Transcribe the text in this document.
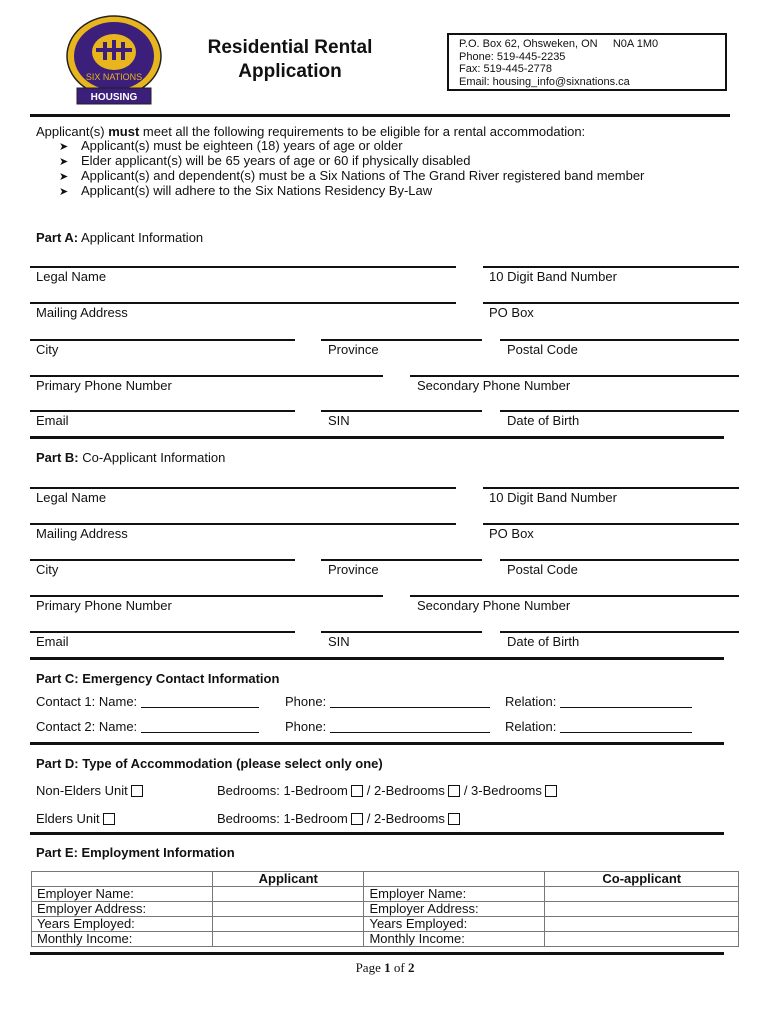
SIX NATIONS
HOUSING
Residential Rental
Application
P.O. Box 62, Ohsweken, ON     N0A 1M0
Phone: 519-445-2235
Fax: 519-445-2778
Email: housing_info@sixnations.ca
Applicant(s) must meet all the following requirements to be eligible for a rental accommodation:
➤ Applicant(s) must be eighteen (18) years of age or older
➤ Elder applicant(s) will be 65 years of age or 60 if physically disabled
➤ Applicant(s) and dependent(s) must be a Six Nations of The Grand River registered band member
➤ Applicant(s) will adhere to the Six Nations Residency By-Law
Part A: Applicant Information
Legal Name	10 Digit Band Number
Mailing Address	PO Box
City	Province	Postal Code
Primary Phone Number	Secondary Phone Number
Email	SIN	Date of Birth
Part B: Co-Applicant Information
Legal Name	10 Digit Band Number
Mailing Address	PO Box
City	Province	Postal Code
Primary Phone Number	Secondary Phone Number
Email	SIN	Date of Birth
Part C: Emergency Contact Information
Contact 1: Name:	Phone:	Relation:
Contact 2: Name:	Phone:	Relation:
Part D: Type of Accommodation (please select only one)
Non-Elders Unit	Bedrooms: 1-Bedroom / 2-Bedrooms / 3-Bedrooms
Elders Unit	Bedrooms: 1-Bedroom / 2-Bedrooms
Part E: Employment Information
	Applicant		Co-applicant
Employer Name:		Employer Name:	
Employer Address:		Employer Address:	
Years Employed:		Years Employed:	
Monthly Income:		Monthly Income:	
Page 1 of 2
